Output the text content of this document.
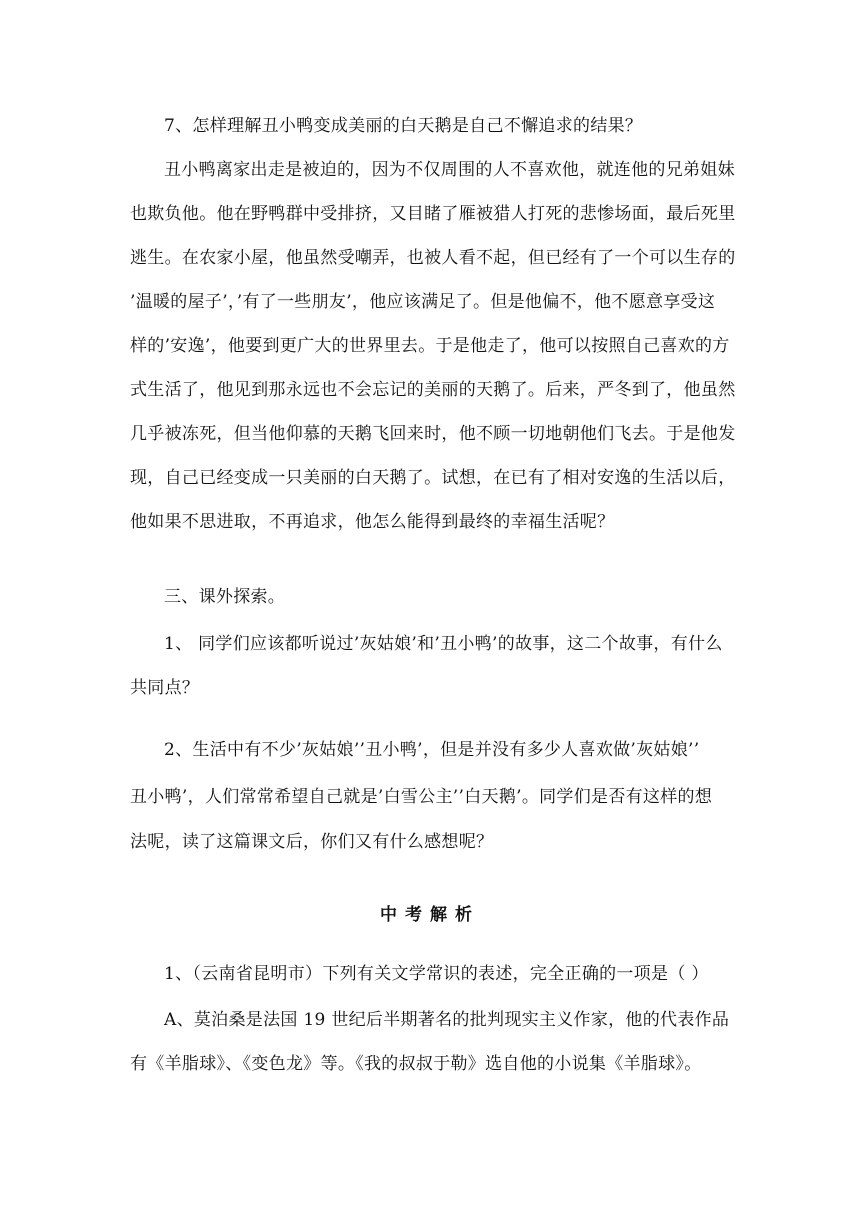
7、怎样理解丑小鸭变成美丽的白天鹅是自己不懈追求的结果？
丑小鸭离家出走是被迫的，因为不仅周围的人不喜欢他，就连他的兄弟姐妹
也欺负他。他在野鸭群中受排挤，又目睹了雁被猎人打死的悲惨场面，最后死里
逃生。在农家小屋，他虽然受嘲弄，也被人看不起，但已经有了一个可以生存的
’温暖的屋子’，’有了一些朋友’，他应该满足了。但是他偏不，他不愿意享受这
样的’安逸’，他要到更广大的世界里去。于是他走了，他可以按照自己喜欢的方
式生活了，他见到那永远也不会忘记的美丽的天鹅了。后来，严冬到了，他虽然
几乎被冻死，但当他仰慕的天鹅飞回来时，他不顾一切地朝他们飞去。于是他发
现，自己已经变成一只美丽的白天鹅了。试想，在已有了相对安逸的生活以后，
他如果不思进取，不再追求，他怎么能得到最终的幸福生活呢？
三、课外探索。
1、 同学们应该都听说过’灰姑娘’和’丑小鸭’的故事，这二个故事，有什么
共同点？
2、生活中有不少’灰姑娘’’丑小鸭’，但是并没有多少人喜欢做’灰姑娘’’
丑小鸭’，人们常常希望自己就是’白雪公主’’白天鹅’。同学们是否有这样的想
法呢，读了这篇课文后，你们又有什么感想呢？
中考解析
1、（云南省昆明市）下列有关文学常识的表述，完全正确的一项是（ ）
A、莫泊桑是法国 19 世纪后半期著名的批判现实主义作家，他的代表作品
有《羊脂球》、《变色龙》等。《我的叔叔于勒》选自他的小说集《羊脂球》。
